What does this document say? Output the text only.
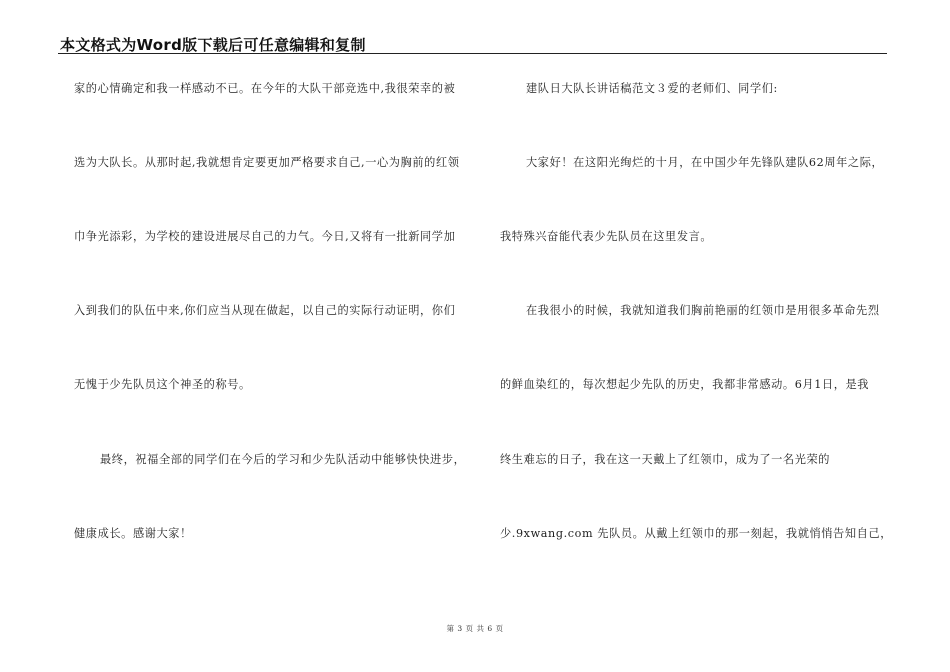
本文格式为Word版下载后可任意编辑和复制
家的心情确定和我一样感动不已。在今年的大队干部竞选中,我很荣幸的被
选为大队长。从那时起,我就想肯定要更加严格要求自己,一心为胸前的红领
巾争光添彩，为学校的建设进展尽自己的力气。今日,又将有一批新同学加
入到我们的队伍中来,你们应当从现在做起，以自己的实际行动证明，你们
无愧于少先队员这个神圣的称号。
最终，祝福全部的同学们在今后的学习和少先队活动中能够快快进步，
健康成长。感谢大家！
建队日大队长讲话稿范文３爱的老师们、同学们:
大家好！在这阳光绚烂的十月，在中国少年先锋队建队62周年之际，
我特殊兴奋能代表少先队员在这里发言。
在我很小的时候，我就知道我们胸前艳丽的红领巾是用很多革命先烈
的鲜血染红的，每次想起少先队的历史，我都非常感动。6月1日，是我
终生难忘的日子，我在这一天戴上了红领巾，成为了一名光荣的
少.9xwang.com 先队员。从戴上红领巾的那一刻起，我就悄悄告知自己，
第 3 页 共 6 页
